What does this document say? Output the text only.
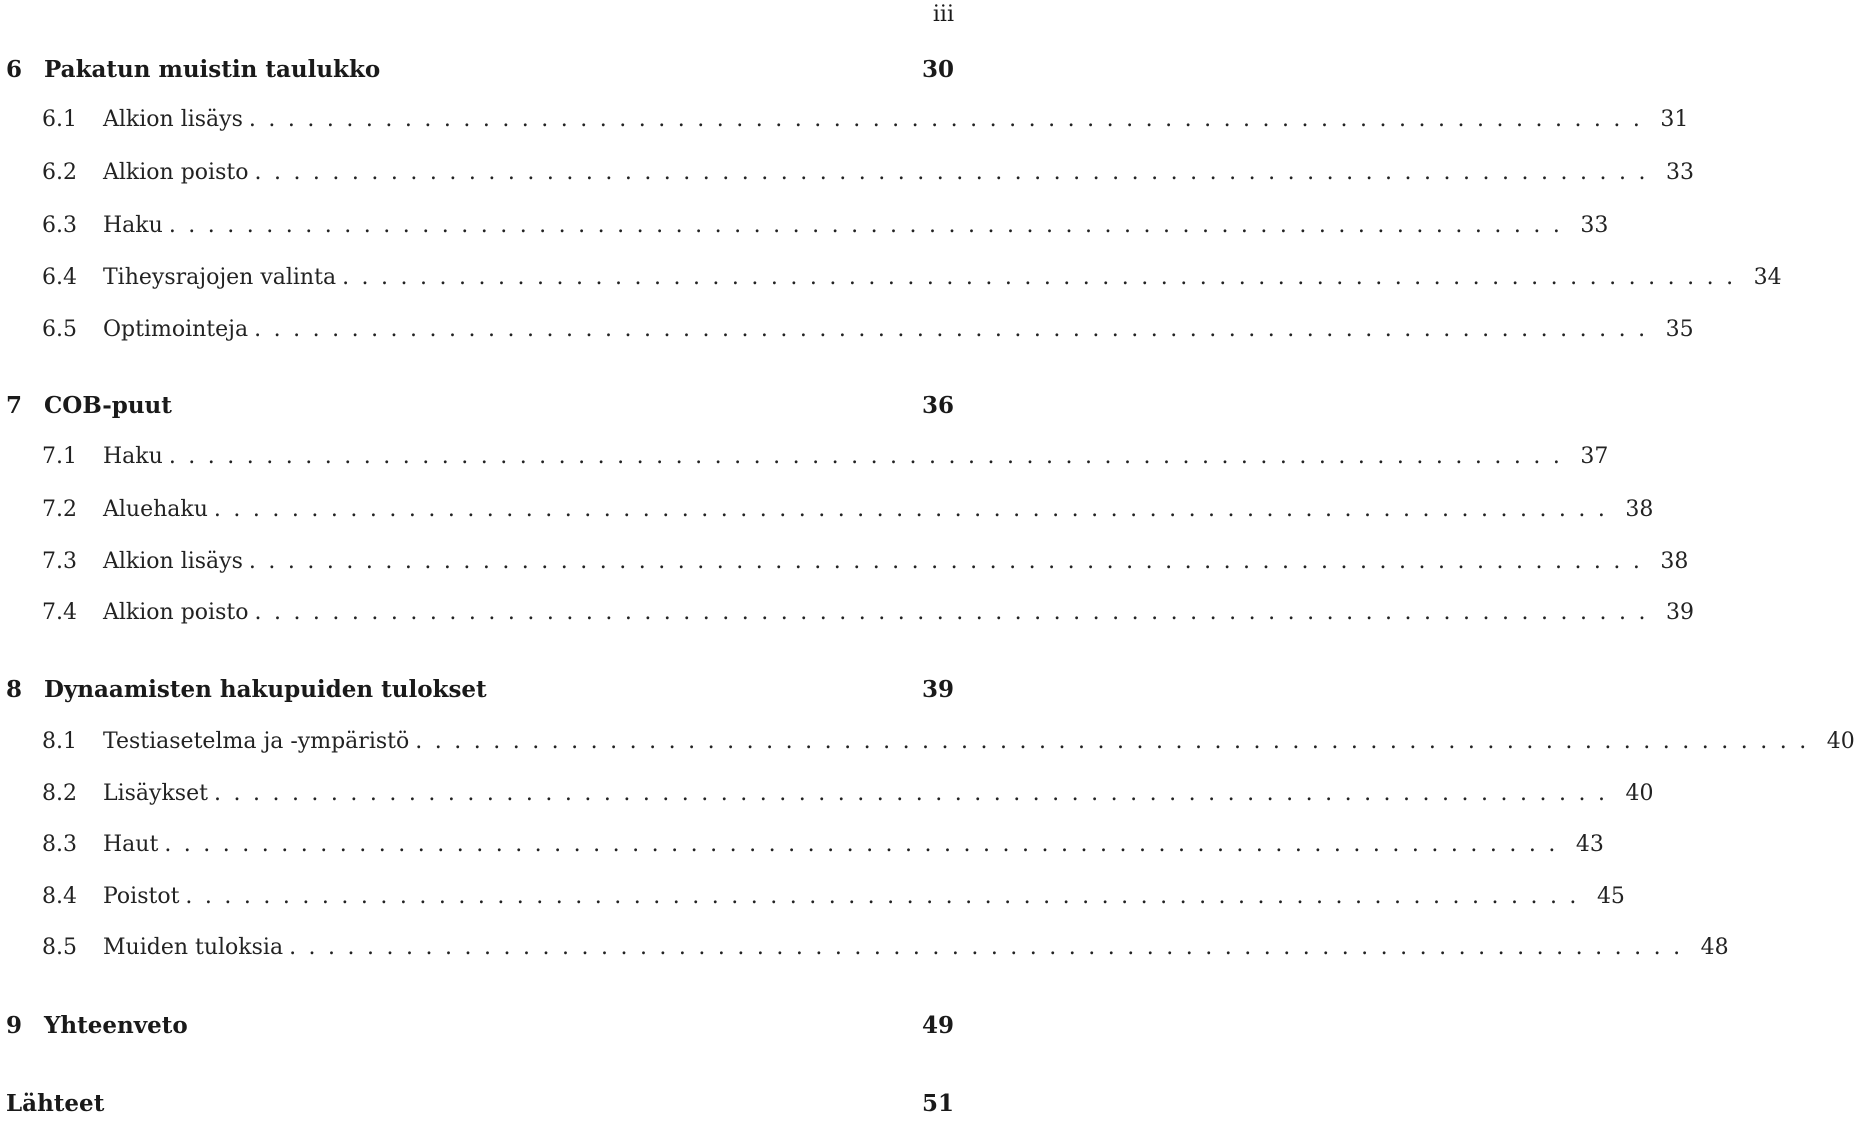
iii
6 Pakatun muistin taulukko	30
6.1	Alkion lisäys ........................................................................ 31
6.2	Alkion poisto ........................................................................ 33
6.3	Haku ........................................................................ 33
6.4	Tiheysrajojen valinta ........................................................................ 34
6.5	Optimointeja ........................................................................ 35
7 COB-puut	36
7.1	Haku ........................................................................ 37
7.2	Aluehaku ........................................................................ 38
7.3	Alkion lisäys ........................................................................ 38
7.4	Alkion poisto ........................................................................ 39
8 Dynaamisten hakupuiden tulokset	39
8.1	Testiasetelma ja -ympäristö ........................................................................ 40
8.2	Lisäykset ........................................................................ 40
8.3	Haut ........................................................................ 43
8.4	Poistot ........................................................................ 45
8.5	Muiden tuloksia ........................................................................ 48
9 Yhteenveto	49
Lähteet	51
